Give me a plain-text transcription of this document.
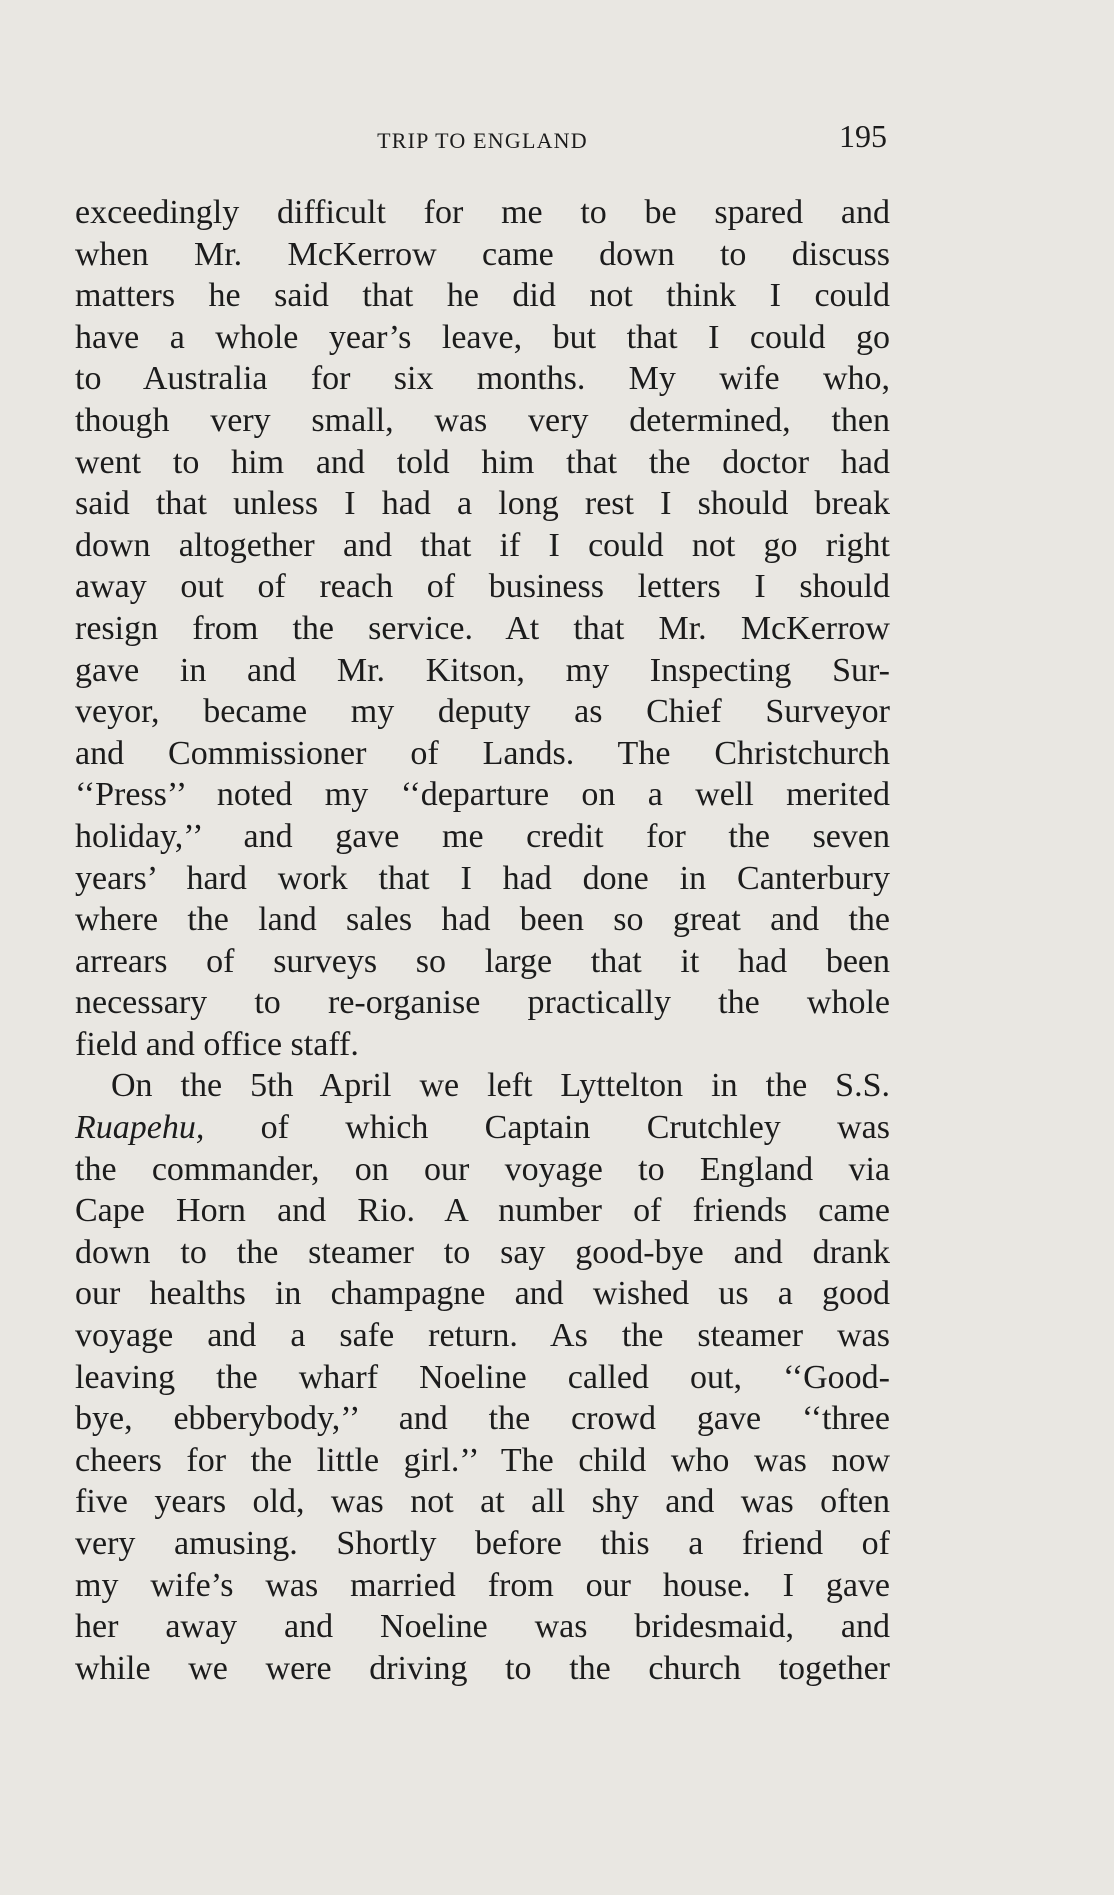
TRIP TO ENGLAND	195
exceedingly difficult for me to be spared and
when Mr. McKerrow came down to discuss
matters he said that he did not think I could
have a whole year’s leave, but that I could go
to Australia for six months. My wife who,
though very small, was very determined, then
went to him and told him that the doctor had
said that unless I had a long rest I should break
down altogether and that if I could not go right
away out of reach of business letters I should
resign from the service. At that Mr. McKerrow
gave in and Mr. Kitson, my Inspecting Sur-
veyor, became my deputy as Chief Surveyor
and Commissioner of Lands. The Christchurch
‘‘Press’’ noted my ‘‘departure on a well merited
holiday,’’ and gave me credit for the seven
years’ hard work that I had done in Canterbury
where the land sales had been so great and the
arrears of surveys so large that it had been
necessary to re-organise practically the whole
field and office staff.
On the 5th April we left Lyttelton in the S.S.
Ruapehu, of which Captain Crutchley was
the commander, on our voyage to England via
Cape Horn and Rio. A number of friends came
down to the steamer to say good-bye and drank
our healths in champagne and wished us a good
voyage and a safe return. As the steamer was
leaving the wharf Noeline called out, ‘‘Good-
bye, ebberybody,’’ and the crowd gave ‘‘three
cheers for the little girl.’’ The child who was now
five years old, was not at all shy and was often
very amusing. Shortly before this a friend of
my wife’s was married from our house. I gave
her away and Noeline was bridesmaid, and
while we were driving to the church together
